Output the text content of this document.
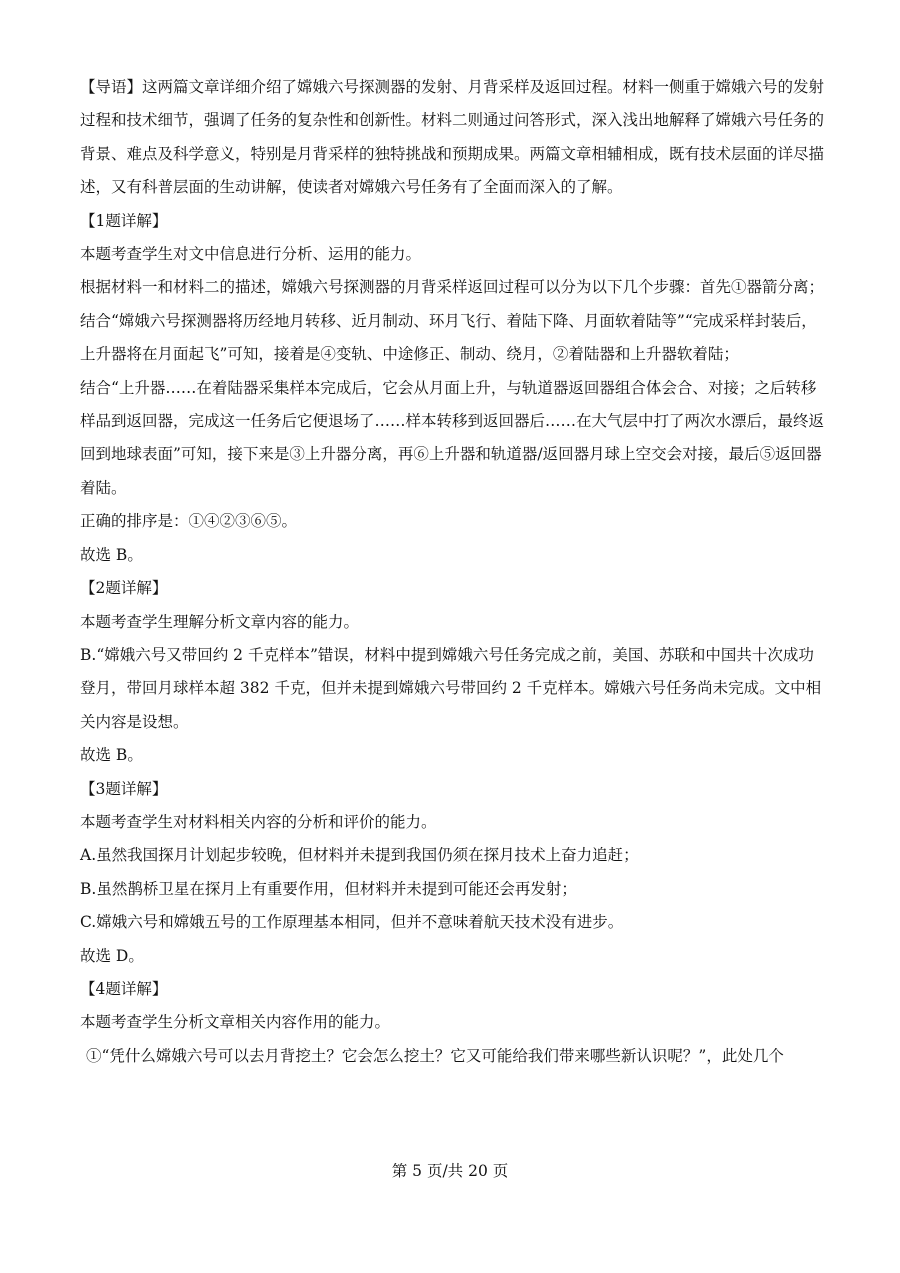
【导语】这两篇文章详细介绍了嫦娥六号探测器的发射、月背采样及返回过程。材料一侧重于嫦娥六号的发射过程和技术细节，强调了任务的复杂性和创新性。材料二则通过问答形式，深入浅出地解释了嫦娥六号任务的背景、难点及科学意义，特别是月背采样的独特挑战和预期成果。两篇文章相辅相成，既有技术层面的详尽描述，又有科普层面的生动讲解，使读者对嫦娥六号任务有了全面而深入的了解。

【1题详解】

本题考查学生对文中信息进行分析、运用的能力。

根据材料一和材料二的描述，嫦娥六号探测器的月背采样返回过程可以分为以下几个步骤：首先①器箭分离；

结合“嫦娥六号探测器将历经地月转移、近月制动、环月飞行、着陆下降、月面软着陆等”“完成采样封装后，上升器将在月面起飞”可知，接着是④变轨、中途修正、制动、绕月，②着陆器和上升器软着陆；

结合“上升器……在着陆器采集样本完成后，它会从月面上升，与轨道器返回器组合体会合、对接；之后转移样品到返回器，完成这一任务后它便退场了……样本转移到返回器后……在大气层中打了两次水漂后，最终返回到地球表面”可知，接下来是③上升器分离，再⑥上升器和轨道器/返回器月球上空交会对接，最后⑤返回器着陆。

正确的排序是：①④②③⑥⑤。

故选 B。

【2题详解】

本题考查学生理解分析文章内容的能力。

B.“嫦娥六号又带回约 2 千克样本”错误，材料中提到嫦娥六号任务完成之前，美国、苏联和中国共十次成功登月，带回月球样本超 382 千克，但并未提到嫦娥六号带回约 2 千克样本。嫦娥六号任务尚未完成。文中相关内容是设想。

故选 B。

【3题详解】

本题考查学生对材料相关内容的分析和评价的能力。

A.虽然我国探月计划起步较晚，但材料并未提到我国仍须在探月技术上奋力追赶；

B.虽然鹊桥卫星在探月上有重要作用，但材料并未提到可能还会再发射；

C.嫦娥六号和嫦娥五号的工作原理基本相同，但并不意味着航天技术没有进步。

故选 D。

【4题详解】

本题考查学生分析文章相关内容作用的能力。

①“凭什么嫦娥六号可以去月背挖土？它会怎么挖土？它又可能给我们带来哪些新认识呢？”，此处几个

第 5 页/共 20 页
